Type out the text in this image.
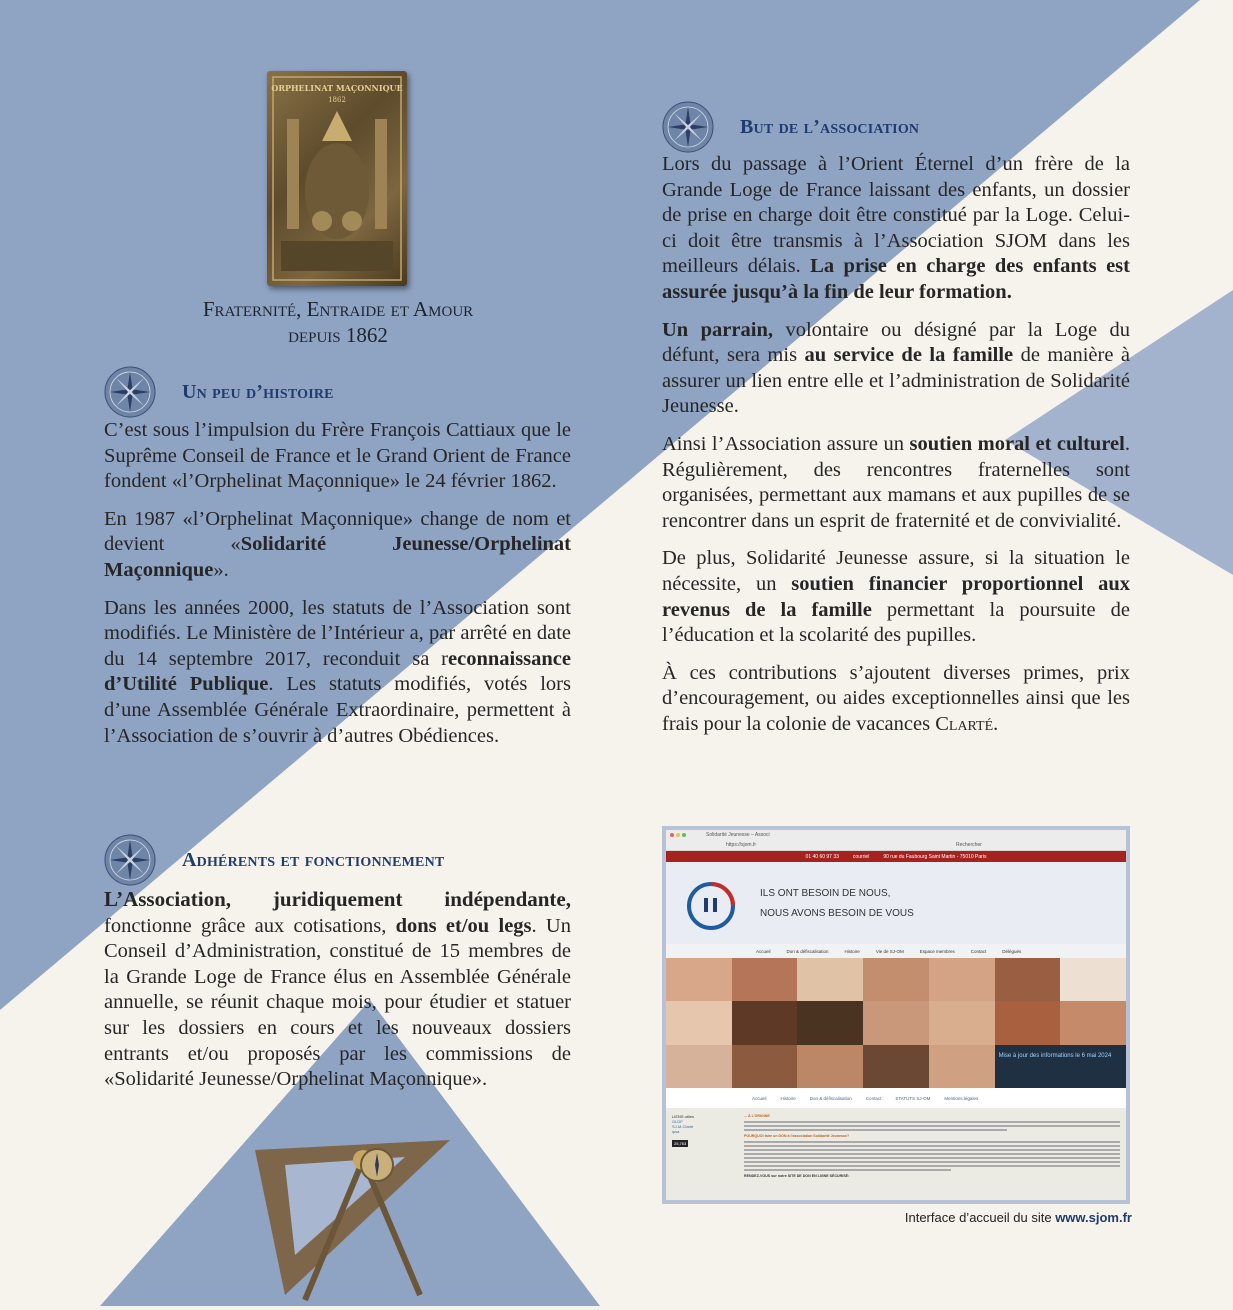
ORPHELINAT MAÇONNIQUE
1862
Fraternité, Entraide et Amour
depuis 1862
Un peu d’histoire

C’est sous l’impulsion du Frère François Cattiaux que le Suprême Conseil de France et le Grand Orient de France fondent «l’Orphelinat Maçonnique» le 24 février 1862.

En 1987 «l’Orphelinat Maçonnique» change de nom et devient «Solidarité Jeunesse/Orphelinat Maçonnique».

Dans les années 2000, les statuts de l’Association sont modifiés. Le Ministère de l’Intérieur a, par arrêté en date du 14 septembre 2017, reconduit sa reconnaissance d’Utilité Publique. Les statuts modifiés, votés lors d’une Assemblée Générale Extraordinaire, permettent à l’Association de s’ouvrir à d’autres Obédiences.

Adhérents et fonctionnement

L’Association, juridiquement indépendante, fonctionne grâce aux cotisations, dons et/ou legs. Un Conseil d’Administration, constitué de 15 membres de la Grande Loge de France élus en Assemblée Générale annuelle, se réunit chaque mois, pour étudier et statuer sur les dossiers en cours et les nouveaux dossiers entrants et/ou proposés par les commissions de «Solidarité Jeunesse/Orphelinat Maçonnique».

But de l’association

Lors du passage à l’Orient Éternel d’un frère de la Grande Loge de France laissant des enfants, un dossier de prise en charge doit être constitué par la Loge. Celui-ci doit être transmis à l’Association SJOM dans les meilleurs délais. La prise en charge des enfants est assurée jusqu’à la fin de leur formation.

Un parrain, volontaire ou désigné par la Loge du défunt, sera mis au service de la famille de manière à assurer un lien entre elle et l’administration de Solidarité Jeunesse.

Ainsi l’Association assure un soutien moral et culturel. Régulièrement, des rencontres fraternelles sont organisées, permettant aux mamans et aux pupilles de se rencontrer dans un esprit de fraternité et de convivialité.

De plus, Solidarité Jeunesse assure, si la situation le nécessite, un soutien financier proportionnel aux revenus de la famille permettant la poursuite de l’éducation et la scolarité des pupilles.

À ces contributions s’ajoutent diverses primes, prix d’encouragement, ou aides exceptionnelles ainsi que les frais pour la colonie de vacances Clarté.

Solidarité Jeunesse – Associ
https://sjom.fr	Rechercher
01 40 60 97 33	courriel	90 rue du Faubourg Saint Martin - 75010 Paris
ILS ONT BESOIN DE NOUS,
NOUS AVONS BESOIN DE VOUS
Accueil	Don & défiscalisation	Histoire	Vie de SJ-OM	Espace membres	Contact	Délégués
Mise à jour des informations le 6 mai 2024
Accueil	Histoire	Don & défiscalisation	Contact	STATUTS SJ-OM	Mentions légales
LIENS utiles
GLDF
SJ-M-Clarté
ipsa
25,763
... À L’ORIGINE
POURQUOI faire un DON à l’association Solidarité Jeunesse?
RENDEZ-VOUS sur notre SITE DE DON EN LIGNE SÉCURISÉ:
Interface d’accueil du site www.sjom.fr
